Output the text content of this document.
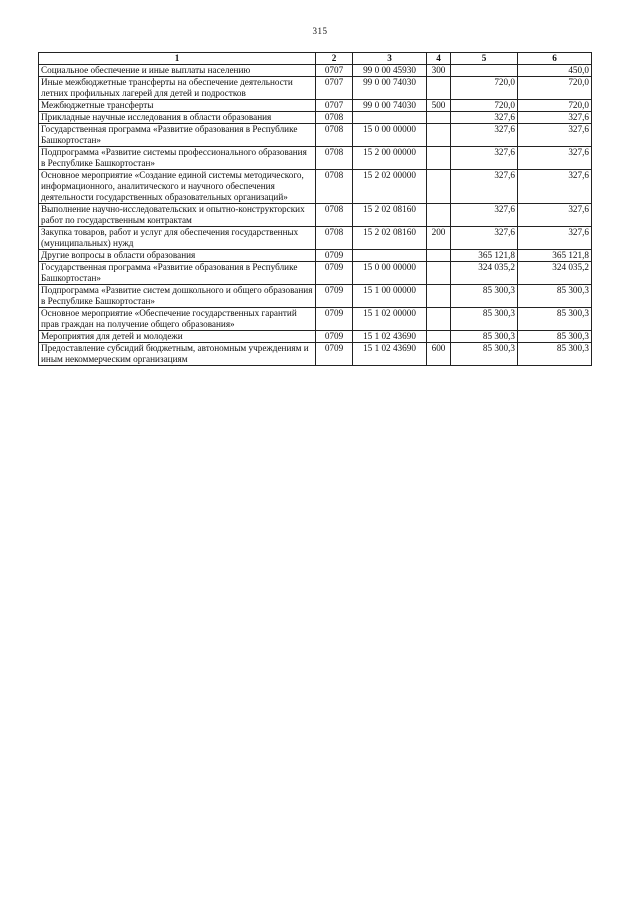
315
1	2	3	4	5	6
Социальное обеспечение и иные выплаты населению	0707	99 0 00 45930	300		450,0
Иные межбюджетные трансферты на обеспечение деятельности летних профильных лагерей для детей и подростков	0707	99 0 00 74030		720,0	720,0
Межбюджетные трансферты	0707	99 0 00 74030	500	720,0	720,0
Прикладные научные исследования в области образования	0708			327,6	327,6
Государственная программа «Развитие образования в Республике Башкортостан»	0708	15 0 00 00000		327,6	327,6
Подпрограмма «Развитие системы профессионального образования в Республике Башкортостан»	0708	15 2 00 00000		327,6	327,6
Основное мероприятие «Создание единой системы методического, информационного, аналитического и научного обеспечения деятельности государственных образовательных организаций»	0708	15 2 02 00000		327,6	327,6
Выполнение научно-исследовательских и опытно-конструкторских работ по государственным контрактам	0708	15 2 02 08160		327,6	327,6
Закупка товаров, работ и услуг для обеспечения государственных (муниципальных) нужд	0708	15 2 02 08160	200	327,6	327,6
Другие вопросы в области образования	0709			365 121,8	365 121,8
Государственная программа «Развитие образования в Республике Башкортостан»	0709	15 0 00 00000		324 035,2	324 035,2
Подпрограмма «Развитие систем дошкольного и общего образования в Республике Башкортостан»	0709	15 1 00 00000		85 300,3	85 300,3
Основное мероприятие «Обеспечение государственных гарантий прав граждан на получение общего образования»	0709	15 1 02 00000		85 300,3	85 300,3
Мероприятия для детей и молодежи	0709	15 1 02 43690		85 300,3	85 300,3
Предоставление субсидий бюджетным, автономным учреждениям и иным некоммерческим организациям	0709	15 1 02 43690	600	85 300,3	85 300,3
